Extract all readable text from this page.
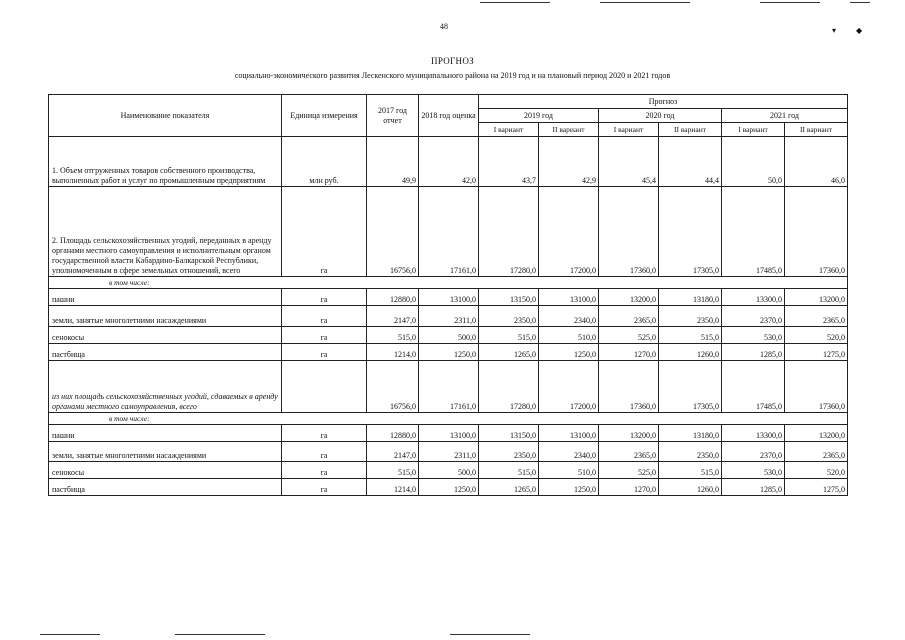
48	▾ ◆
ПРОГНОЗ
социально-экономического развития Лескенского муниципального района на 2019 год и на плановый период 2020 и 2021 годов
Наименование показателя	Единица измерения	2017 год отчет	2018 год оценка	Прогноз					
				2019 год		2020 год		2021 год	
				I вариант	II вариант	I вариант	II вариант	I вариант	II вариант
1. Объем отгруженных товаров собственного производства, выполненных работ и услуг по промышленным предприятиям	млн руб.	49,9	42,0	43,7	42,9	45,4	44,4	50,0	46,0
2. Площадь сельскохозяйственных угодий, переданных в аренду органами местного самоуправления и исполнительным органом государственной власти Кабардино-Балкарской Республики, уполномоченным в сфере земельных отношений, всего	га	16756,0	17161,0	17280,0	17200,0	17360,0	17305,0	17485,0	17360,0
в том числе:									
пашни	га	12880,0	13100,0	13150,0	13100,0	13200,0	13180,0	13300,0	13200,0
земли, занятые многолетними насаждениями	га	2147,0	2311,0	2350,0	2340,0	2365,0	2350,0	2370,0	2365,0
сенокосы	га	515,0	500,0	515,0	510,0	525,0	515,0	530,0	520,0
пастбища	га	1214,0	1250,0	1265,0	1250,0	1270,0	1260,0	1285,0	1275,0
из них площадь сельскохозяйственных угодий, сдаваемых в аренду органами местного самоуправления, всего		16756,0	17161,0	17280,0	17200,0	17360,0	17305,0	17485,0	17360,0
в том числе:									
пашни	га	12880,0	13100,0	13150,0	13100,0	13200,0	13180,0	13300,0	13200,0
земли, занятые многолетними насаждениями	га	2147,0	2311,0	2350,0	2340,0	2365,0	2350,0	2370,0	2365,0
сенокосы	га	515,0	500,0	515,0	510,0	525,0	515,0	530,0	520,0
пастбища	га	1214,0	1250,0	1265,0	1250,0	1270,0	1260,0	1285,0	1275,0
